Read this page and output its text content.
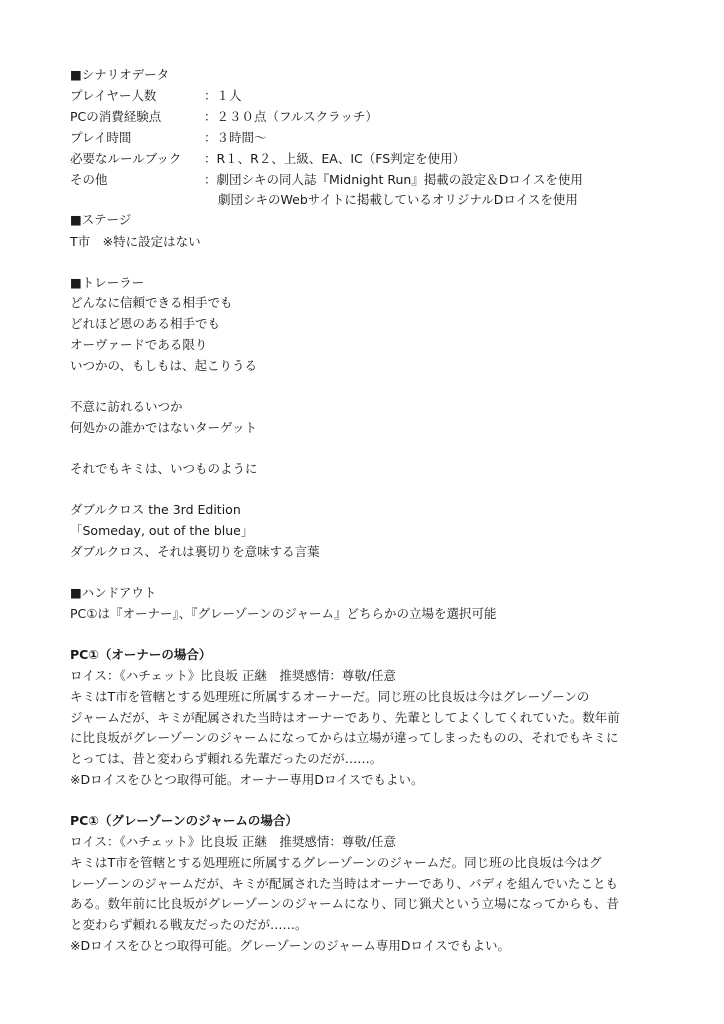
■シナリオデータ
プレイヤー人数	：１人
PCの消費経験点	：２３０点（フルスクラッチ）
プレイ時間	：３時間〜
必要なルールブック ：R１、R２、上級、EA、IC（FS判定を使用）
その他	：劇団シキの同人誌『Midnight Run』掲載の設定＆Dロイスを使用
劇団シキのWebサイトに掲載しているオリジナルDロイスを使用
■ステージ
T市　※特に設定はない
■トレーラー
どんなに信頼できる相手でも
どれほど恩のある相手でも
オーヴァードである限り
いつかの、もしもは、起こりうる
不意に訪れるいつか
何処かの誰かではないターゲット
それでもキミは、いつものように
ダブルクロス the 3rd Edition
「Someday, out of the blue」
ダブルクロス、それは裏切りを意味する言葉
■ハンドアウト
PC①は『オーナー』、『グレーゾーンのジャーム』どちらかの立場を選択可能
PC①（オーナーの場合）
ロイス：《ハチェット》比良坂 正継　推奨感情：尊敬/任意
キミはT市を管轄とする処理班に所属するオーナーだ。同じ班の比良坂は今はグレーゾーンの
ジャームだが、キミが配属された当時はオーナーであり、先輩としてよくしてくれていた。数年前
に比良坂がグレーゾーンのジャームになってからは立場が違ってしまったものの、それでもキミに
とっては、昔と変わらず頼れる先輩だったのだが……。
※Dロイスをひとつ取得可能。オーナー専用Dロイスでもよい。
PC①（グレーゾーンのジャームの場合）
ロイス：《ハチェット》比良坂 正継　推奨感情：尊敬/任意
キミはT市を管轄とする処理班に所属するグレーゾーンのジャームだ。同じ班の比良坂は今はグ
レーゾーンのジャームだが、キミが配属された当時はオーナーであり、バディを組んでいたことも
ある。数年前に比良坂がグレーゾーンのジャームになり、同じ猟犬という立場になってからも、昔
と変わらず頼れる戦友だったのだが……。
※Dロイスをひとつ取得可能。グレーゾーンのジャーム専用Dロイスでもよい。
